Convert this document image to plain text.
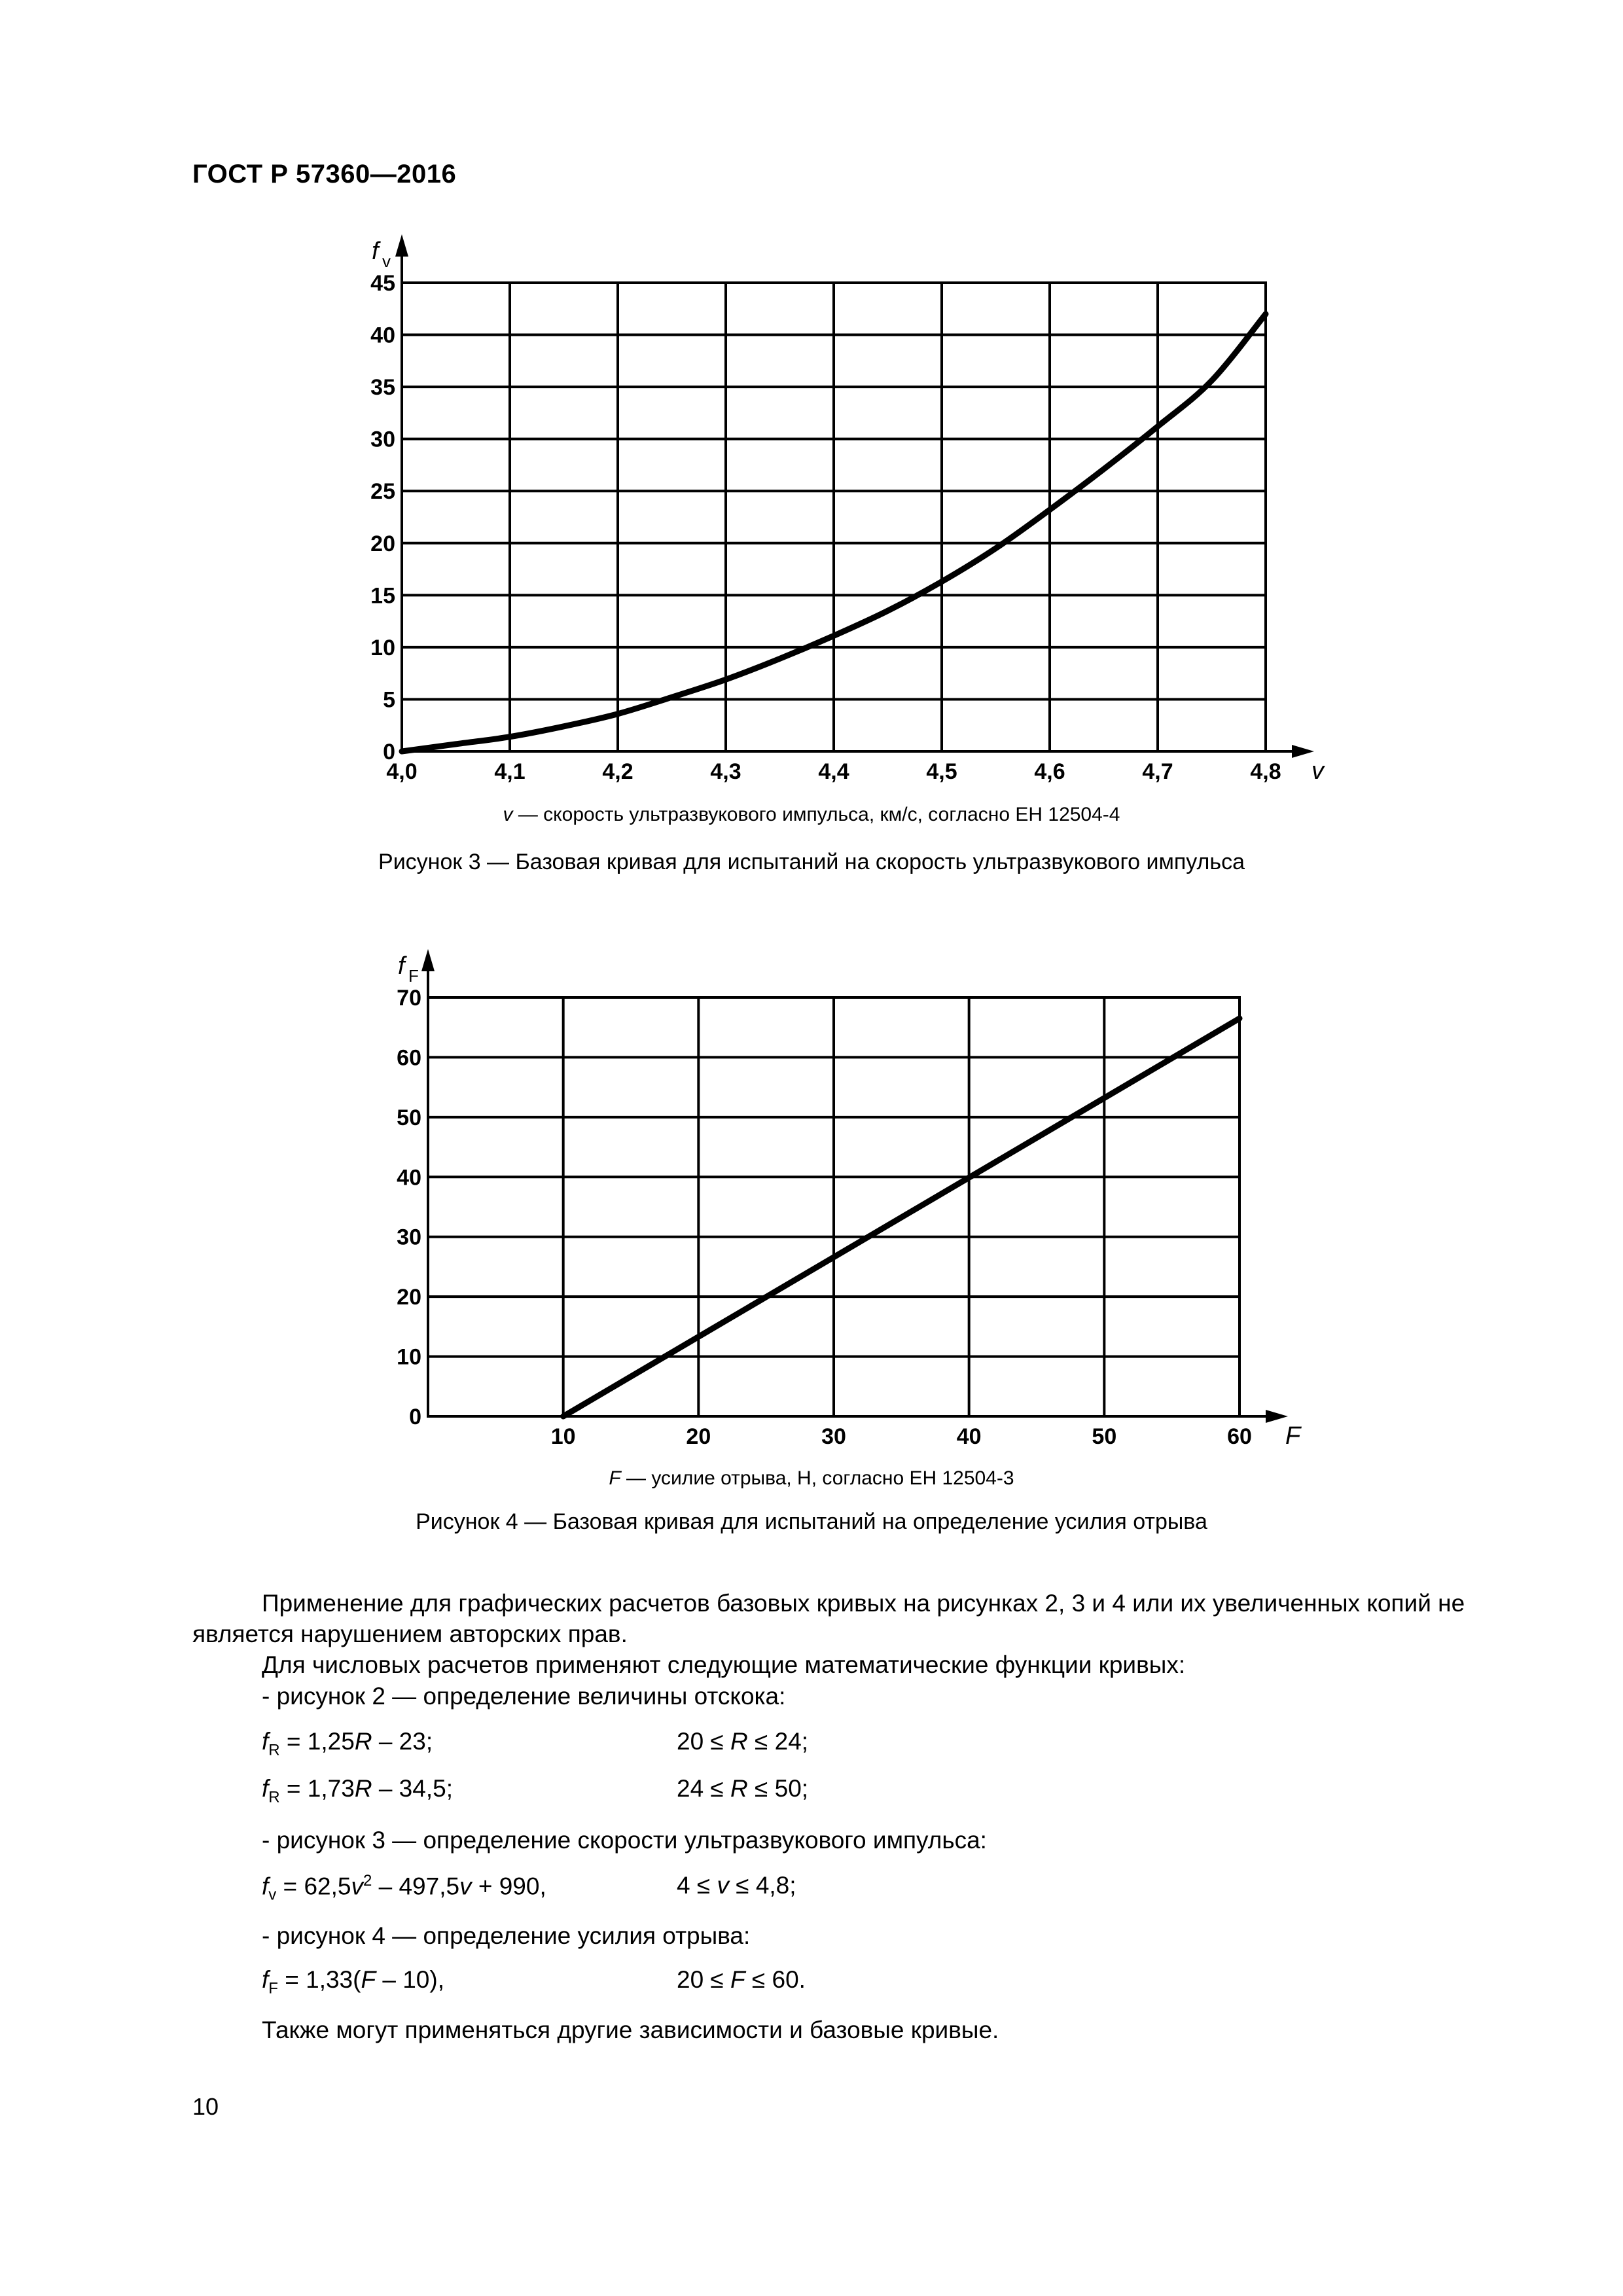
ГОСТ Р 57360—2016
0
5
10
15
20
25
30
35
40
45
4,0	4,1	4,2	4,3	4,4	4,5	4,6	4,7	4,8 v
f v
v — скорость ультразвукового импульса, км/с, согласно ЕН 12504-4
Рисунок 3 — Базовая кривая для испытаний на скорость ультразвукового импульса
0
10
20
30
40
50
60
70
10	20	30	40	50	60 F
f F
F — усилие отрыва, Н, согласно ЕН 12504-3
Рисунок 4 — Базовая кривая для испытаний на определение усилия отрыва
Применение для графических расчетов базовых кривых на рисунках 2, 3 и 4 или их увеличенных копий не является нарушением авторских прав.
Для числовых расчетов применяют следующие математические функции кривых:
- рисунок 2 — определение величины отскока:
$f_R = 1,25R - 23$;	20 ≤ R ≤ 24;
$f_R = 1,73R - 34,5$;	24 ≤ R ≤ 50;
- рисунок 3 — определение скорости ультразвукового импульса:
$f_v = 62,5v^2 - 497,5v + 990$,	4 ≤ v ≤ 4,8;
- рисунок 4 — определение усилия отрыва:
$f_F = 1,33(F - 10)$,	20 ≤ F ≤ 60.
Также могут применяться другие зависимости и базовые кривые.
10
